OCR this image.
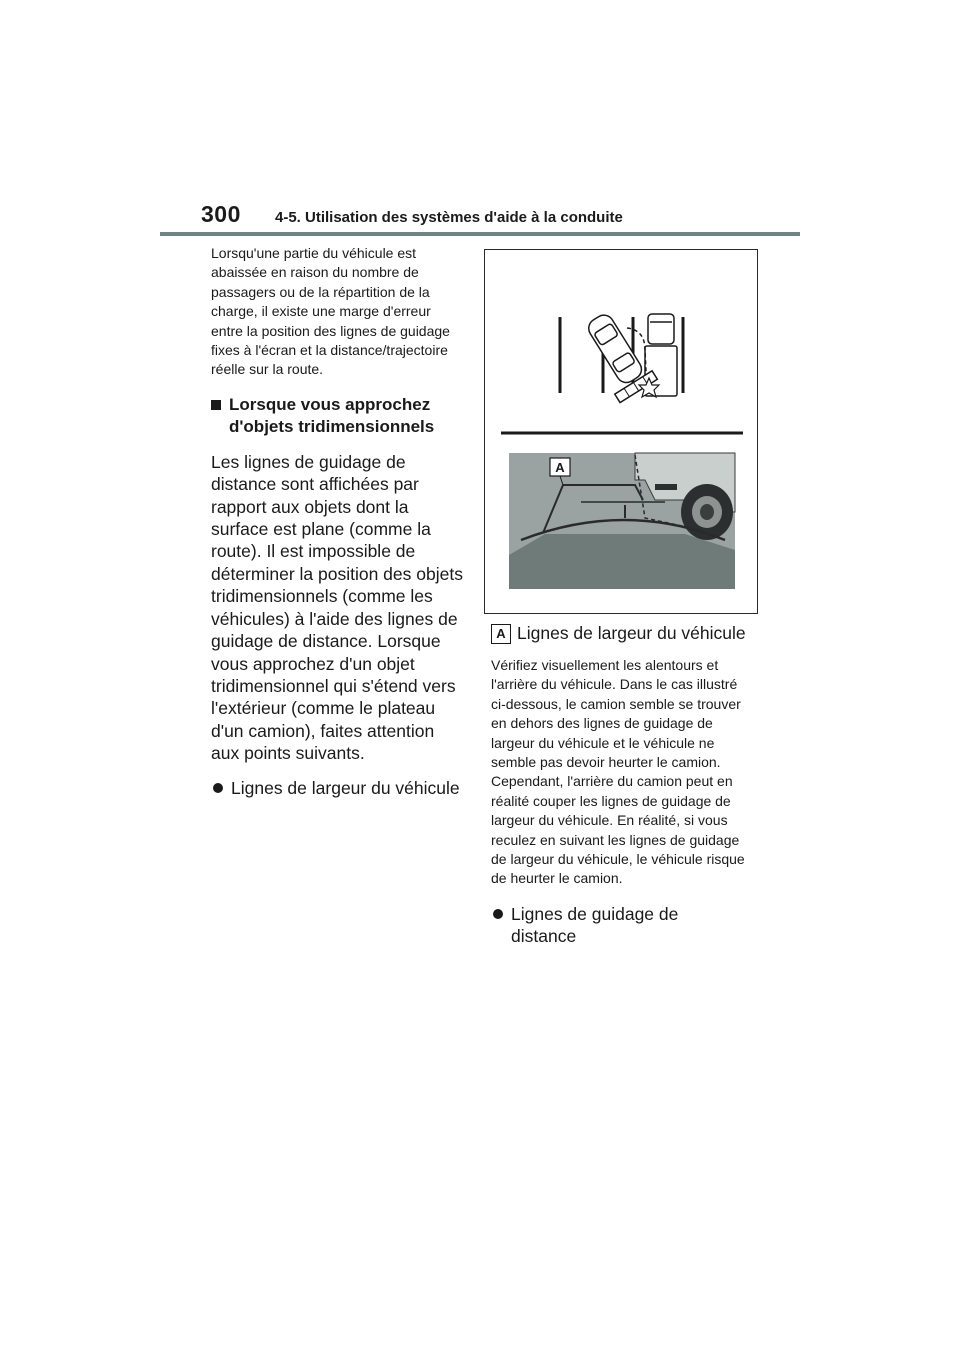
300 4-5. Utilisation des systèmes d'aide à la conduite

Lorsqu'une partie du véhicule est abaissée en raison du nombre de passagers ou de la répartition de la charge, il existe une marge d'erreur entre la position des lignes de guidage fixes à l'écran et la distance/trajectoire réelle sur la route.

Lorsque vous approchez d'objets tridimensionnels

Les lignes de guidage de distance sont affichées par rapport aux objets dont la surface est plane (comme la route). Il est impossible de déterminer la position des objets tridimensionnels (comme les véhicules) à l'aide des lignes de guidage de distance. Lorsque vous approchez d'un objet tridimensionnel qui s'étend vers l'extérieur (comme le plateau d'un camion), faites attention aux points suivants.

Lignes de largeur du véhicule
A
A Lignes de largeur du véhicule

Vérifiez visuellement les alentours et l'arrière du véhicule. Dans le cas illustré ci-dessous, le camion semble se trouver en dehors des lignes de guidage de largeur du véhicule et le véhicule ne semble pas devoir heurter le camion. Cependant, l'arrière du camion peut en réalité couper les lignes de guidage de largeur du véhicule. En réalité, si vous reculez en suivant les lignes de guidage de largeur du véhicule, le véhicule risque de heurter le camion.

Lignes de guidage de distance
